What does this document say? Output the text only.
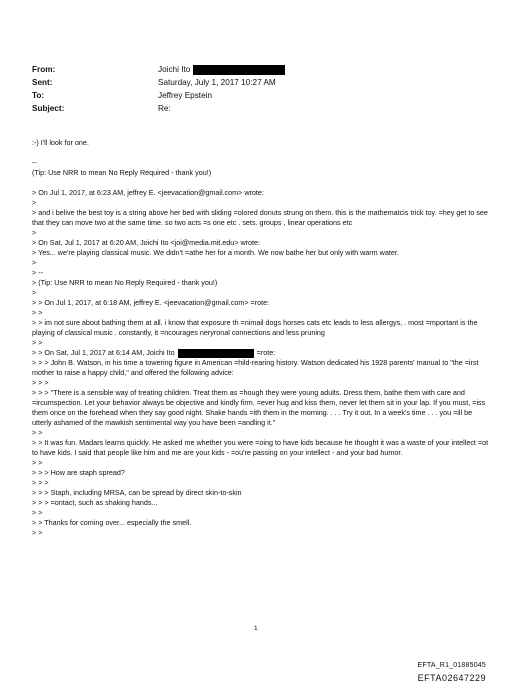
From:	Joichi Ito
Sent:	Saturday, July 1, 2017 10:27 AM
To:	Jeffrey Epstein
Subject:	Re:
:-) I'll look for one.
--
(Tip: Use NRR to mean No Reply Required - thank you!)
> On Jul 1, 2017, at 6:23 AM, jeffrey E. <jeevacation@gmail.com> wrote:
>
> and i belive the best toy is a string above her bed with sliding =olored donuts strung on them. this is the mathematcis trick toy. =hey get to see that they can move two at the same time. so two acts =s one etc . sets. groups , linear operations etc
>
> On Sat, Jul 1, 2017 at 6:20 AM, Joichi Ito <joi@media.mit.edu> wrote:
> Yes... we're playing classical music. We didn't =athe her for a month. We now bathe her but only with warm water.
>
> --
> (Tip: Use NRR to mean No Reply Required - thank you!)
>
> > On Jul 1, 2017, at 6:18 AM, jeffrey E. <jeevacation@gmail.com> =rote:
> >
> > im not sure about bathing them at all. i know that exposure th =nimail dogs horses cats etc leads to less allergys, . most =mportant is the playing of classical music . constantly, it =ncourages nerуronal connections and less pruning
> >
> > On Sat, Jul 1, 2017 at 6:14 AM, Joichi Ito	=rote:
> > > John B. Watson, in his time a towering figure in American =hild-rearing history. Watson dedicated his 1928 parents' manual to "the =irst mother to raise a happy child," and offered the following advice:
> > >
> > > "There is a sensible way of treating children. Treat them as =hough they were young adults. Dress them, bathe them with care and =ircumspection. Let your behavior always be objective and kindly firm. =ever hug and kiss them, never let them sit in your lap. If you must, =iss them once on the forehead when they say good night. Shake hands =ith them in the morning. . . . Try it out. In a week's time . . . you =ill be utterly ashamed of the mawkish sentimental way you have been =andling it."
> >
> > It was fun. Madars learns quickly. He asked me whether you were =oing to have kids because he thought it was a waste of your intellect =ot to have kids. I said that people like him and me are your kids - =ou're passing on your intellect - and your bad humor.
> >
> > > How are staph spread?
> > >
> > > Staph, including MRSA, can be spread by direct skin-to-skin
> > > =ontact, such as shaking hands...
> >
> > Thanks for coming over... especially the smell.
> >
1
EFTA_R1_01885045
EFTA02647229
